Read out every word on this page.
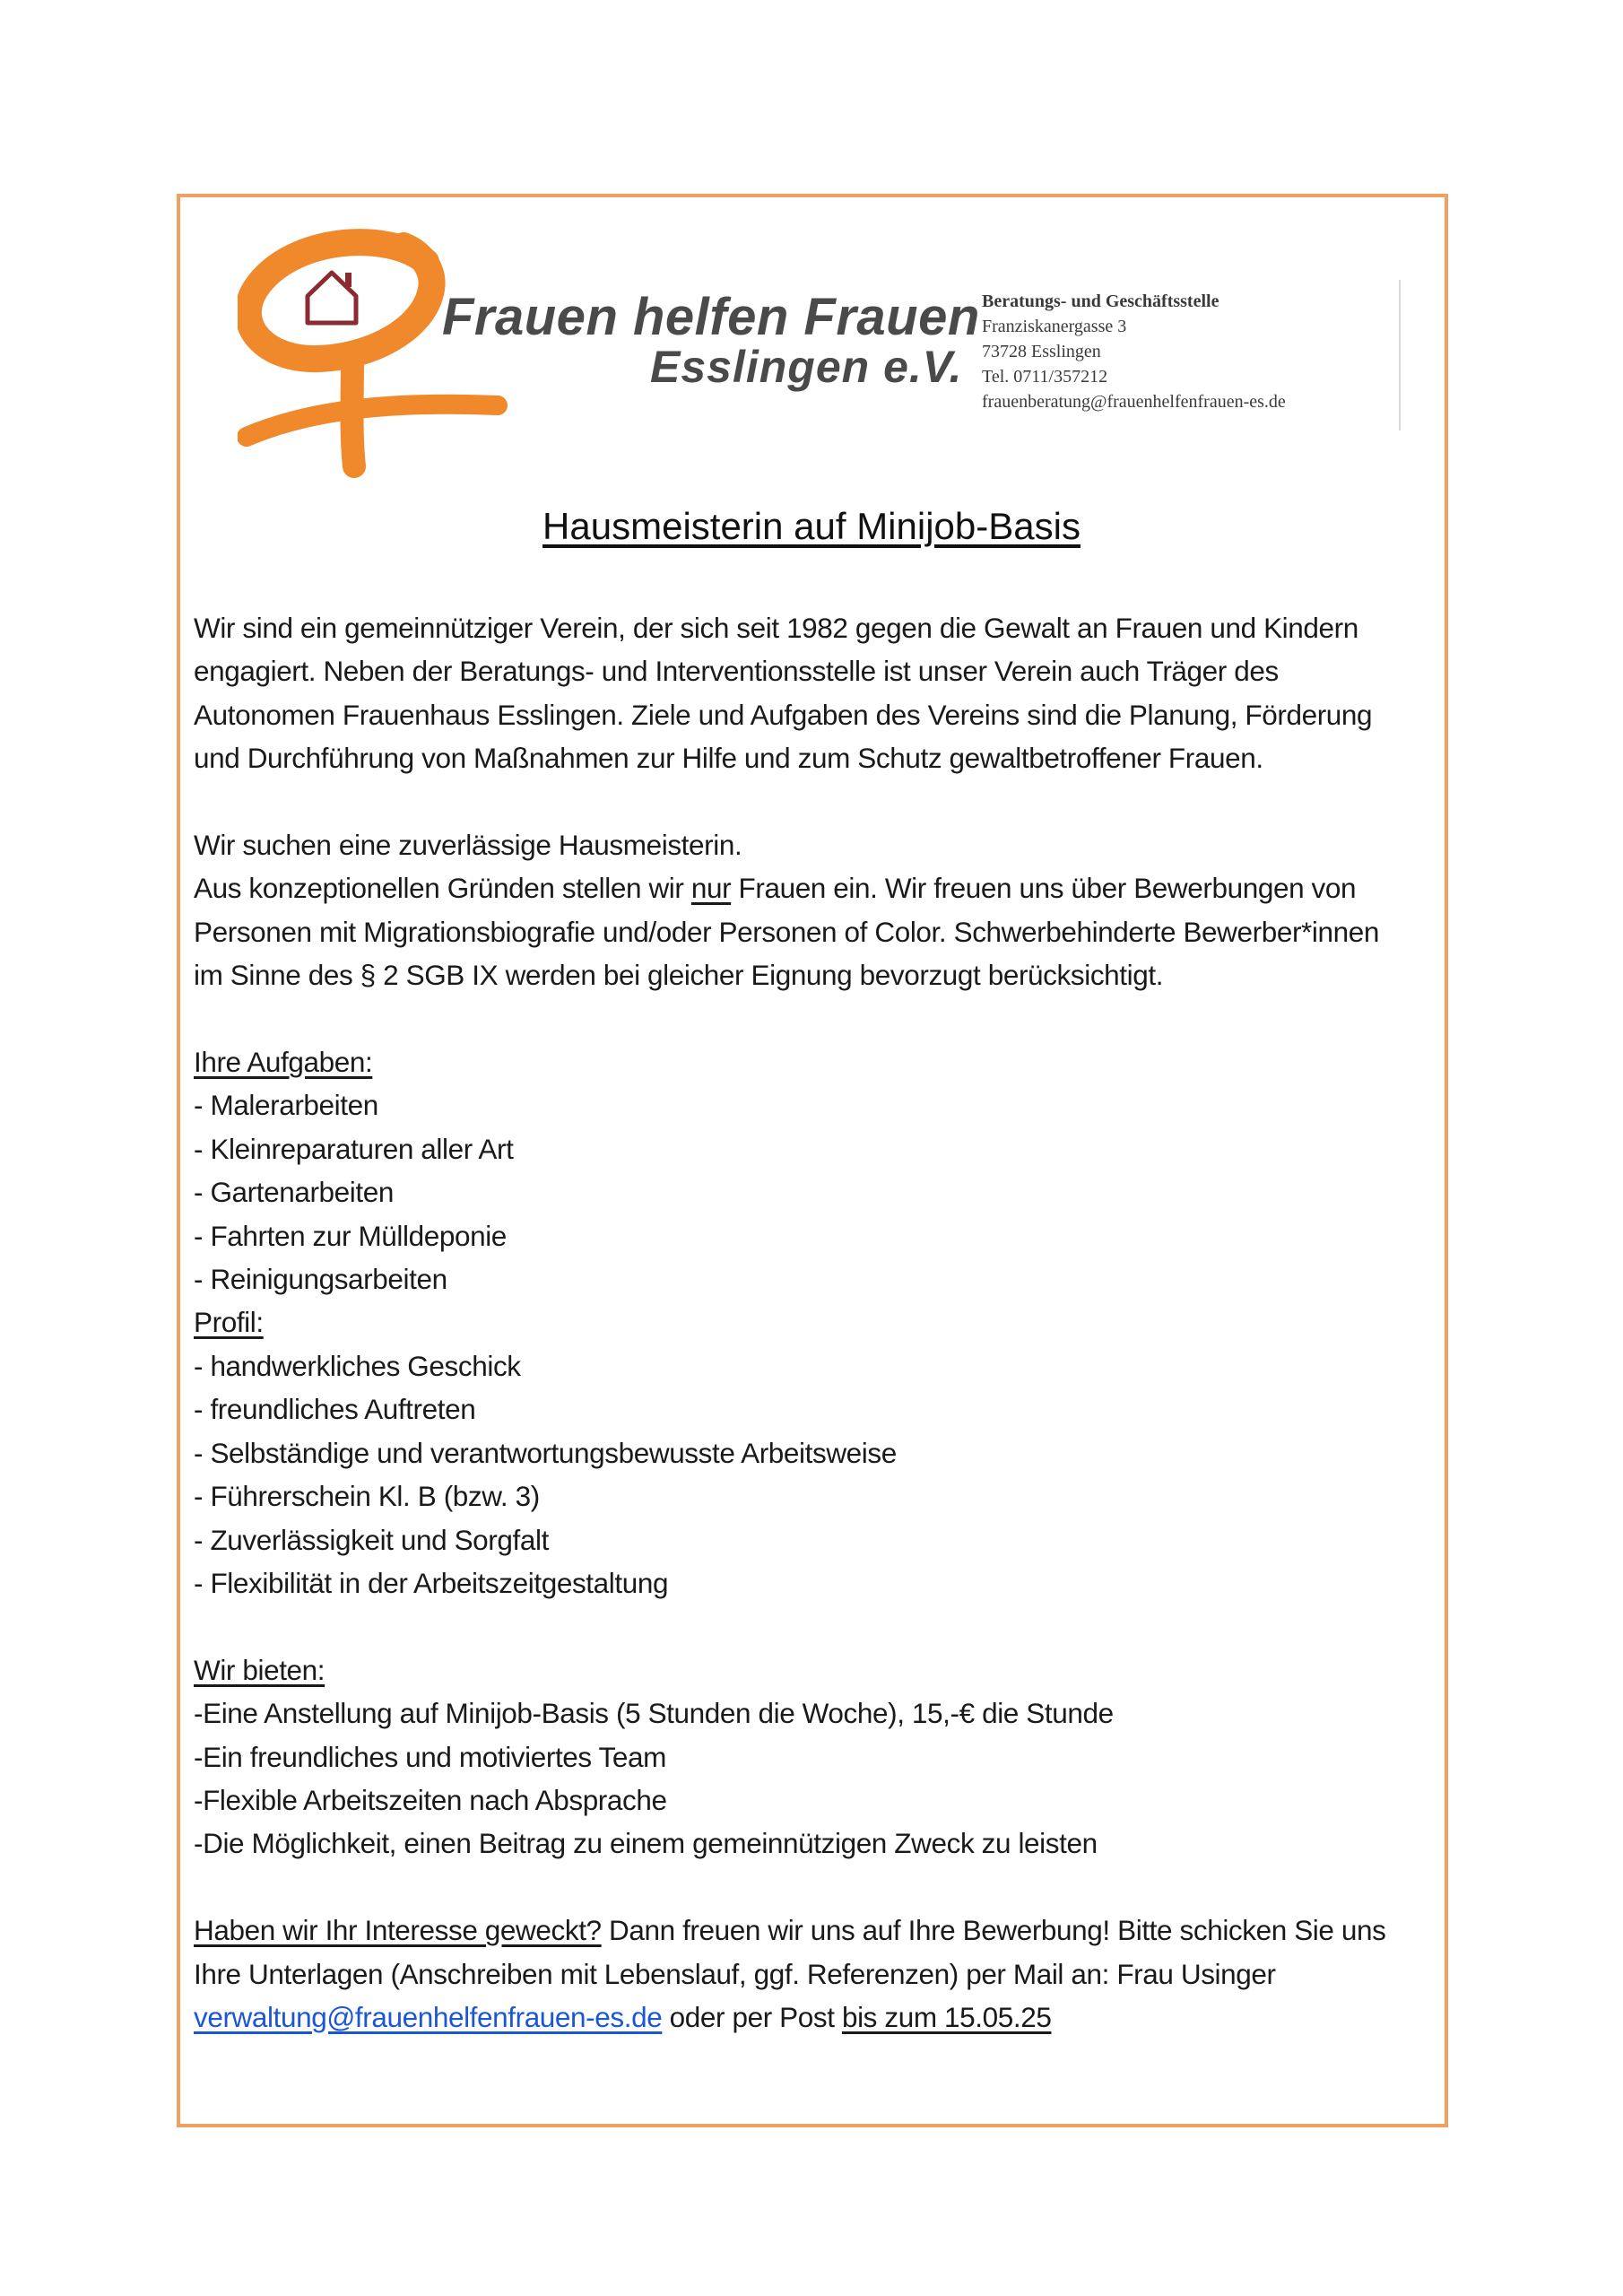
Frauen helfen Frauen
Esslingen e.V.
Beratungs- und Geschäftsstelle
Franziskanergasse 3
73728 Esslingen
Tel. 0711/357212
frauenberatung@frauenhelfenfrauen-es.de
Hausmeisterin auf Minijob-Basis

Wir sind ein gemeinnütziger Verein, der sich seit 1982 gegen die Gewalt an Frauen und Kindern

engagiert. Neben der Beratungs- und Interventionsstelle ist unser Verein auch Träger des

Autonomen Frauenhaus Esslingen. Ziele und Aufgaben des Vereins sind die Planung, Förderung

und Durchführung von Maßnahmen zur Hilfe und zum Schutz gewaltbetroffener Frauen.

Wir suchen eine zuverlässige Hausmeisterin.

Aus konzeptionellen Gründen stellen wir nur Frauen ein. Wir freuen uns über Bewerbungen von

Personen mit Migrationsbiografie und/oder Personen of Color. Schwerbehinderte Bewerber*innen

im Sinne des § 2 SGB IX werden bei gleicher Eignung bevorzugt berücksichtigt.

Ihre Aufgaben:

- Malerarbeiten

- Kleinreparaturen aller Art

- Gartenarbeiten

- Fahrten zur Mülldeponie

- Reinigungsarbeiten

Profil:

- handwerkliches Geschick

- freundliches Auftreten

- Selbständige und verantwortungsbewusste Arbeitsweise

- Führerschein Kl. B (bzw. 3)

- Zuverlässigkeit und Sorgfalt

- Flexibilität in der Arbeitszeitgestaltung

Wir bieten:

-Eine Anstellung auf Minijob-Basis (5 Stunden die Woche), 15,-€ die Stunde

-Ein freundliches und motiviertes Team

-Flexible Arbeitszeiten nach Absprache

-Die Möglichkeit, einen Beitrag zu einem gemeinnützigen Zweck zu leisten

Haben wir Ihr Interesse geweckt? Dann freuen wir uns auf Ihre Bewerbung! Bitte schicken Sie uns

Ihre Unterlagen (Anschreiben mit Lebenslauf, ggf. Referenzen) per Mail an: Frau Usinger

verwaltung@frauenhelfenfrauen-es.de oder per Post bis zum 15.05.25
